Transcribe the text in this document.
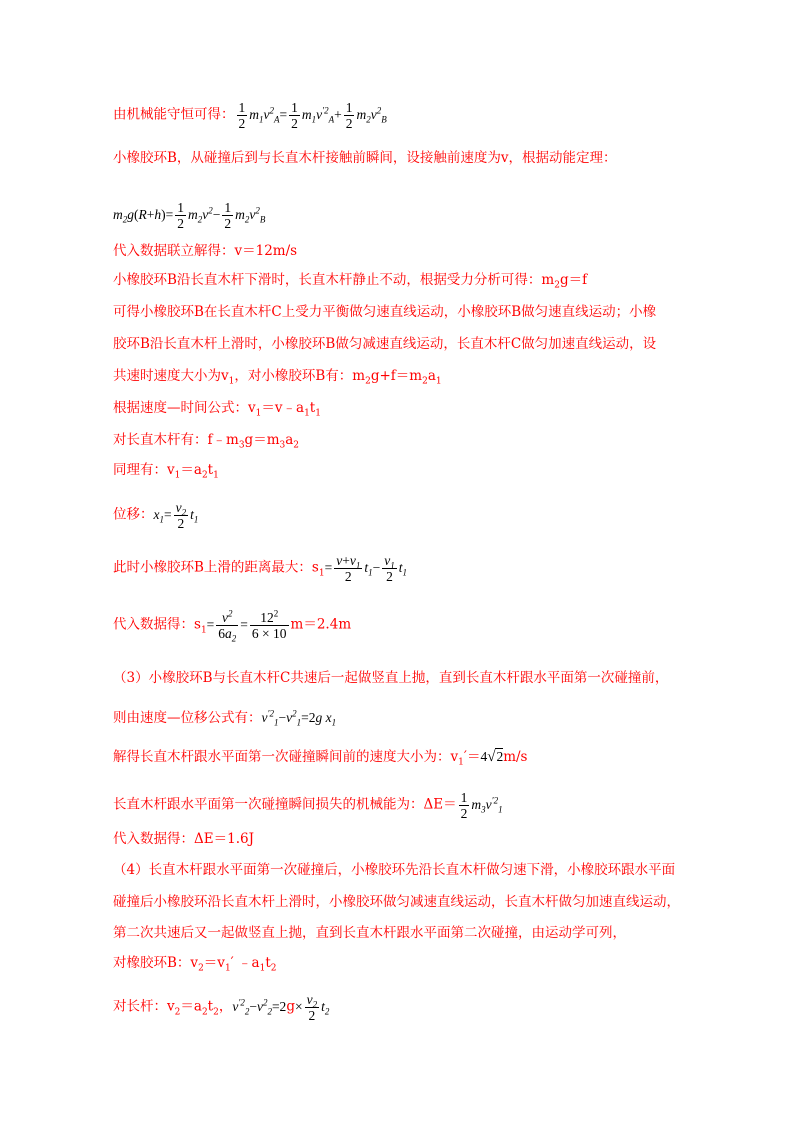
由机械能守恒可得： $\frac{1}{2} m_1v^2_A= \frac{1}{2} m_1v^{'2}_A+ \frac{1}{2} m_2v^2_B$
小橡胶环B，从碰撞后到与长直木杆接触前瞬间，设接触前速度为v，根据动能定理：
$m_2g(R+h)= \frac{1}{2} m_2v^2- \frac{1}{2} m_2v^2_B$
代入数据联立解得：v＝12m/s
小橡胶环B沿长直木杆下滑时，长直木杆静止不动，根据受力分析可得：$m_2g=f$
可得小橡胶环B在长直木杆C上受力平衡做匀速直线运动，小橡胶环B做匀速直线运动；小橡
胶环B沿长直木杆上滑时，小橡胶环B做匀减速直线运动，长直木杆C做匀加速直线运动，设
共速时速度大小为$v_1$，对小橡胶环B有：$m_2g+f=m_2a_1$
根据速度—时间公式：$v_1=v﹣a_1t_1$
对长直木杆有：$f﹣m_3g=m_3a_2$
同理有：$v_1=a_2t_1$
位移：$x_1= \frac{v_2}{2} t_1$
此时小橡胶环B上滑的距离最大：$s_1= \frac{v+v_1}{2} t_1- \frac{v_1}{2} t_1$
代入数据得：$s_1= \frac{v^2}{6a_2} = \frac{12^2}{6 \times 10} m=2.4m$
（3）小橡胶环B与长直木杆C共速后一起做竖直上抛，直到长直木杆跟水平面第一次碰撞前，
则由速度—位移公式有：$v^{'2}_1-v^2_1=2g$ $x_1$
解得长直木杆跟水平面第一次碰撞瞬间前的速度大小为：$v_1'=4√2m/s$
长直木杆跟水平面第一次碰撞瞬间损失的机械能为：$\Delta E= \frac{1}{2} m_3v^{'2}_1$
代入数据得：ΔE＝1.6J
（4）长直木杆跟水平面第一次碰撞后，小橡胶环先沿长直木杆做匀速下滑，小橡胶环跟水平面
碰撞后小橡胶环沿长直木杆上滑时，小橡胶环做匀减速直线运动，长直木杆做匀加速直线运动，
第二次共速后又一起做竖直上抛，直到长直木杆跟水平面第二次碰撞，由运动学可列，
对橡胶环B：$v_2=v_1'$ $﹣a_1t_2$
对长杆：$v_2=a_2t_2$，$v^{'2}_2-v^2_2=2g\times \frac{v_2}{2} t_2$
